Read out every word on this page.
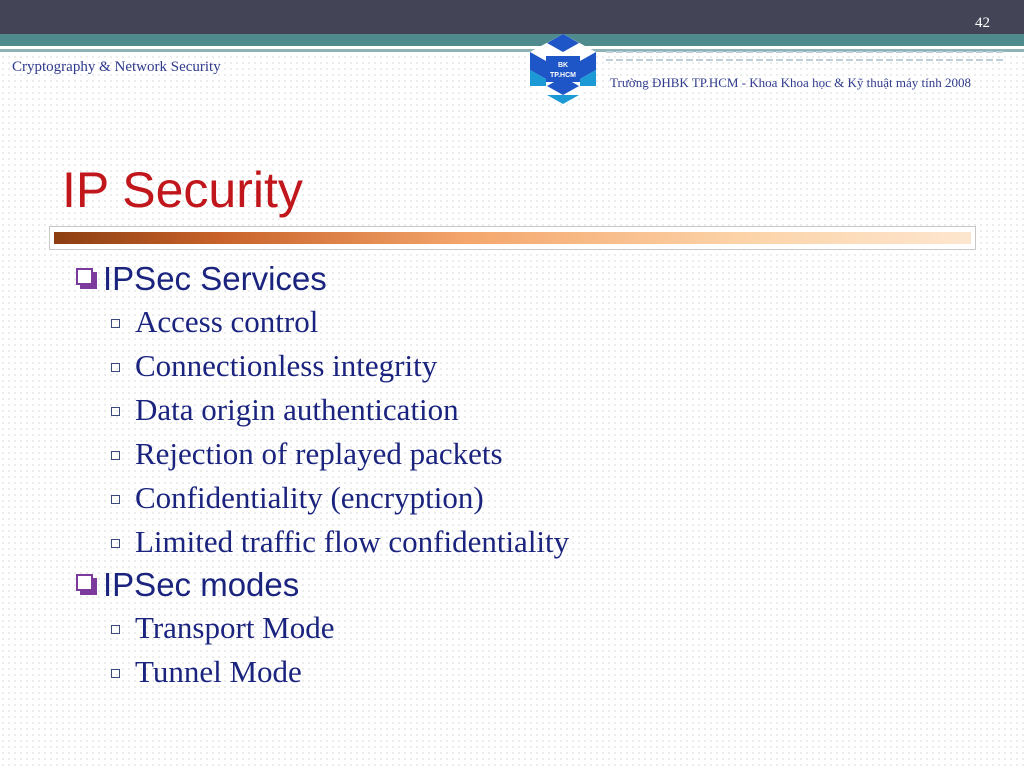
42
Cryptography & Network Security	BK
TP.HCM	Trường ĐHBK TP.HCM - Khoa Khoa học & Kỹ thuật máy tính 2008
IP Security
IPSec Services
Access control
Connectionless integrity
Data origin authentication
Rejection of replayed packets
Confidentiality (encryption)
Limited traffic flow confidentiality
IPSec modes
Transport Mode
Tunnel Mode
